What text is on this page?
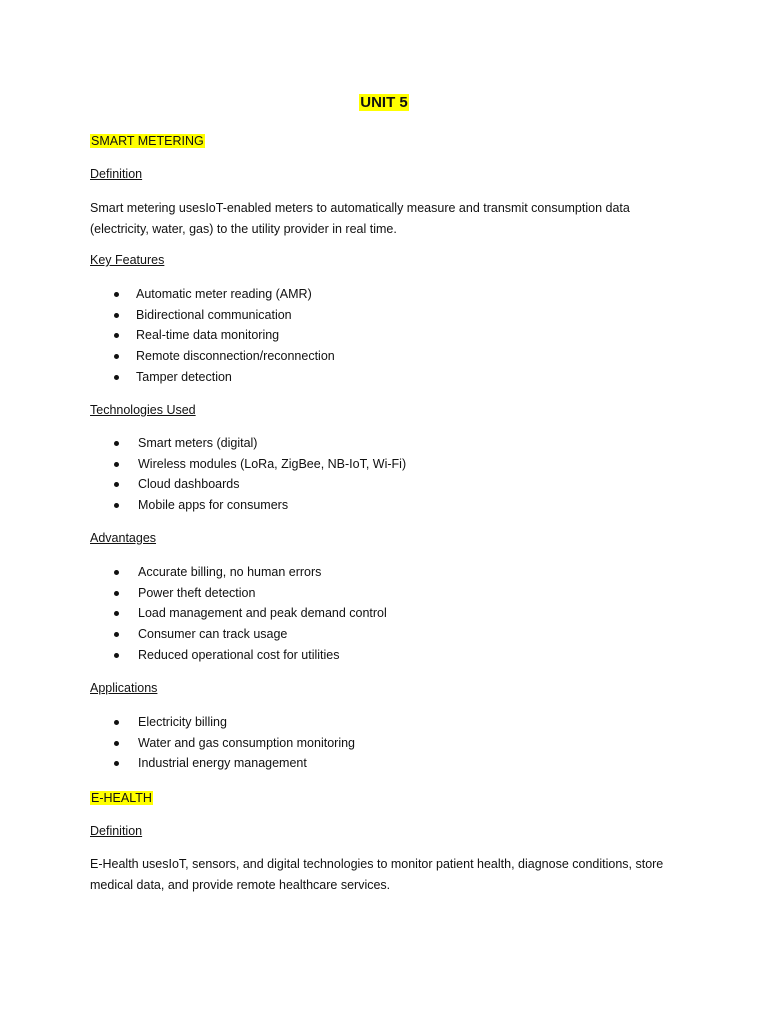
UNIT 5
SMART METERING
Definition

Smart metering usesIoT-enabled meters to automatically measure and transmit consumption data
(electricity, water, gas) to the utility provider in real time.

Key Features
Automatic meter reading (AMR)
Bidirectional communication
Real-time data monitoring
Remote disconnection/reconnection
Tamper detection
Technologies Used
Smart meters (digital)
Wireless modules (LoRa, ZigBee, NB-IoT, Wi-Fi)
Cloud dashboards
Mobile apps for consumers
Advantages
Accurate billing, no human errors
Power theft detection
Load management and peak demand control
Consumer can track usage
Reduced operational cost for utilities
Applications
Electricity billing
Water and gas consumption monitoring
Industrial energy management
E-HEALTH
Definition

E-Health usesIoT, sensors, and digital technologies to monitor patient health, diagnose conditions, store
medical data, and provide remote healthcare services.
